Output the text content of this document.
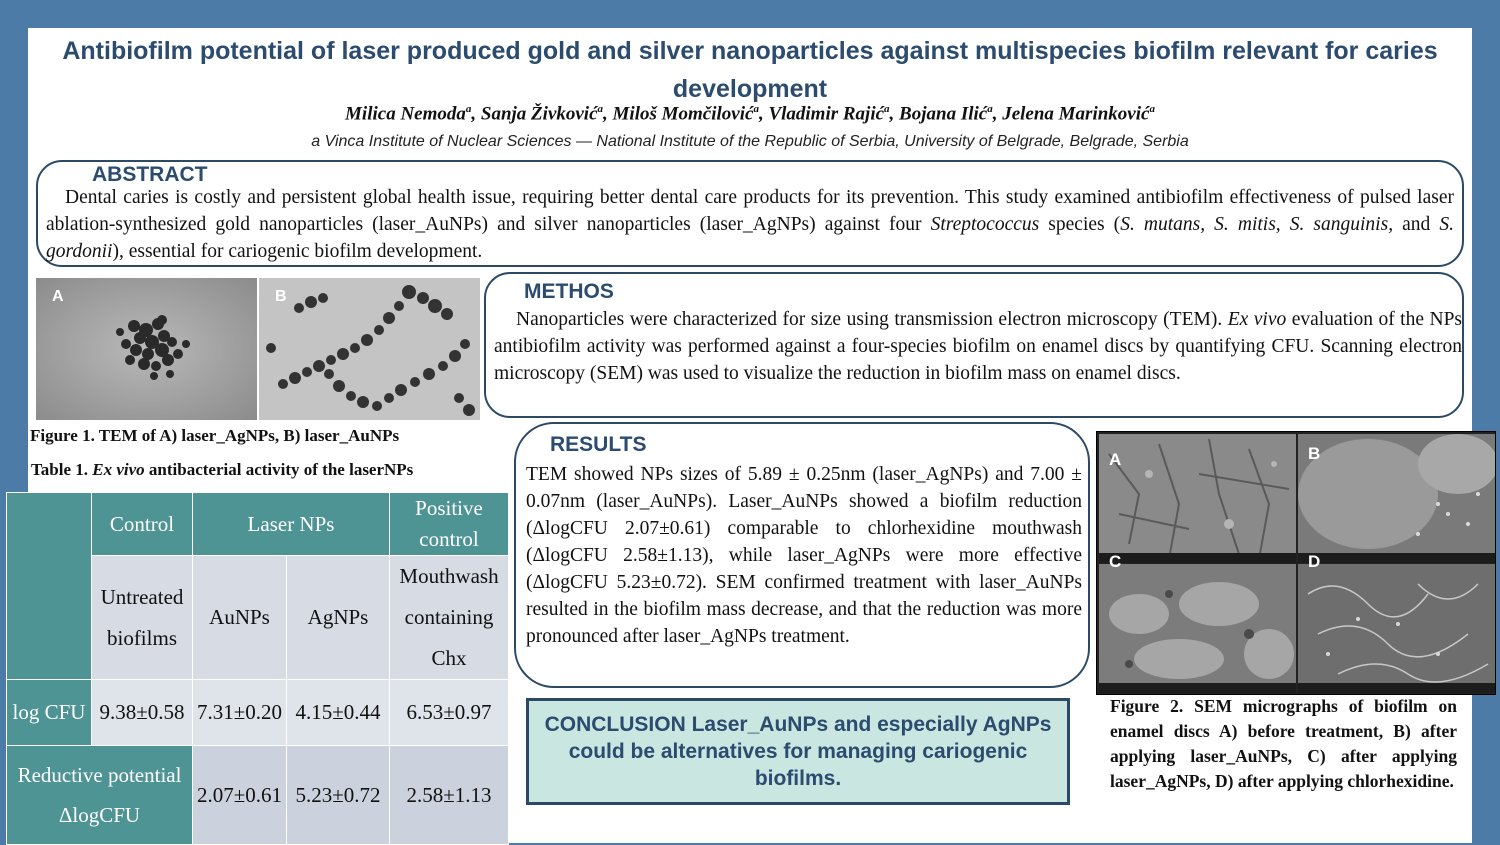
Antibiofilm potential of laser produced gold and silver nanoparticles against multispecies biofilm relevant for caries development
Milica Nemoda$^a$, Sanja Živković$^a$, Miloš Momčilović$^a$, Vladimir Rajić$^a$, Bojana Ilić$^a$, Jelena Marinković$^a$
a Vinca Institute of Nuclear Sciences — National Institute of the Republic of Serbia, University of Belgrade, Belgrade, Serbia
ABSTRACT
Dental caries is costly and persistent global health issue, requiring better dental care products for its prevention. This study examined antibiofilm effectiveness of pulsed laser ablation-synthesized gold nanoparticles (laser_AuNPs) and silver nanoparticles (laser_AgNPs) against four Streptococcus species (S. mutans, S. mitis, S. sanguinis, and S. gordonii), essential for cariogenic biofilm development.
A	B
Figure 1. TEM of A) laser_AgNPs, B) laser_AuNPs
METHOS
Nanoparticles were characterized for size using transmission electron microscopy (TEM). Ex vivo evaluation of the NPs antibiofilm activity was performed against a four-species biofilm on enamel discs by quantifying CFU. Scanning electron microscopy (SEM) was used to visualize the reduction in biofilm mass on enamel discs.
Table 1. Ex vivo antibacterial activity of the laserNPs
	Control	Laser NPs		Positive control
	Untreated biofilms	AuNPs	AgNPs	Mouthwash containing Chx
log CFU	9.38±0.58	7.31±0.20	4.15±0.44	6.53±0.97

Reductive potential ΔlogCFU		2.07±0.61	5.23±0.72	2.58±1.13
RESULTS
TEM showed NPs sizes of 5.89 ± 0.25nm (laser_AgNPs) and 7.00 ± 0.07nm (laser_AuNPs). Laser_AuNPs showed a biofilm reduction (ΔlogCFU 2.07±0.61) comparable to chlorhexidine mouthwash (ΔlogCFU 2.58±1.13), while laser_AgNPs were more effective (ΔlogCFU 5.23±0.72). SEM confirmed treatment with laser_AuNPs resulted in the biofilm mass decrease, and that the reduction was more pronounced after laser_AgNPs treatment.
CONCLUSION Laser_AuNPs and especially AgNPs could be alternatives for managing cariogenic biofilms.
A	B
C	D
Figure 2. SEM micrographs of biofilm on enamel discs A) before treatment, B) after applying laser_AuNPs, C) after applying laser_AgNPs, D) after applying chlorhexidine.
